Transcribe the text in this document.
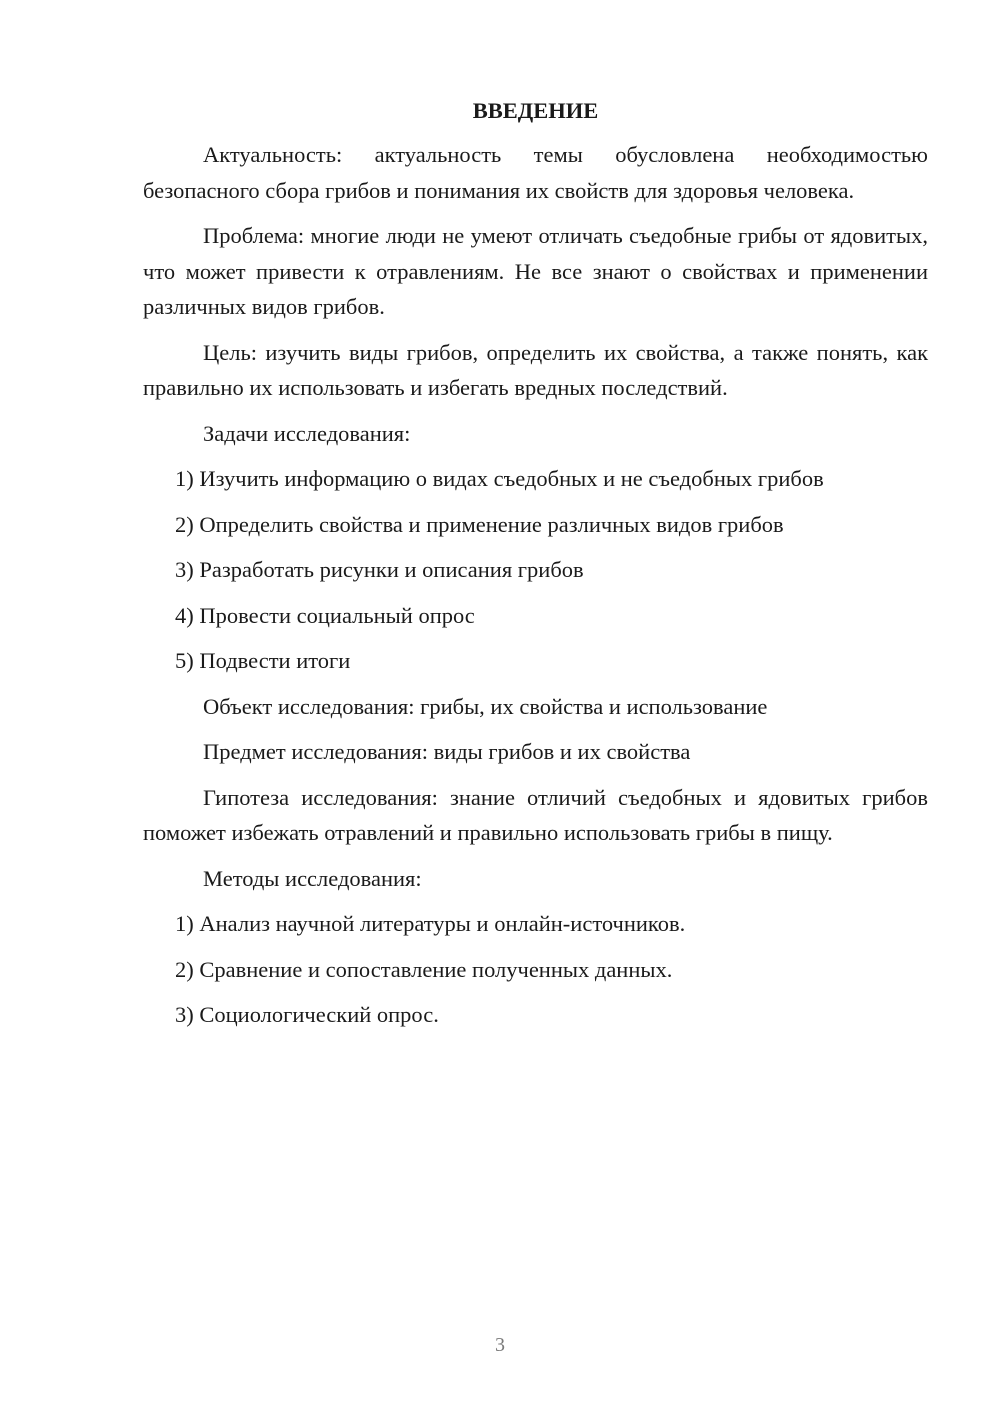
ВВЕДЕНИЕ
Актуальность: актуальность темы обусловлена необходимостью безопасного сбора грибов и понимания их свойств для здоровья человека.
Проблема: многие люди не умеют отличать съедобные грибы от ядовитых, что может привести к отравлениям. Не все знают о свойствах и применении различных видов грибов.
Цель: изучить виды грибов, определить их свойства, а также понять, как правильно их использовать и избегать вредных последствий.
Задачи исследования:
1) Изучить информацию о видах съедобных и не съедобных грибов
2) Определить свойства и применение различных видов грибов
3) Разработать рисунки и описания грибов
4) Провести социальный опрос
5) Подвести итоги
Объект исследования: грибы, их свойства и использование
Предмет исследования: виды грибов и их свойства
Гипотеза исследования: знание отличий съедобных и ядовитых грибов поможет избежать отравлений и правильно использовать грибы в пищу.
Методы исследования:
1) Анализ научной литературы и онлайн-источников.
2) Сравнение и сопоставление полученных данных.
3) Социологический опрос.
3
